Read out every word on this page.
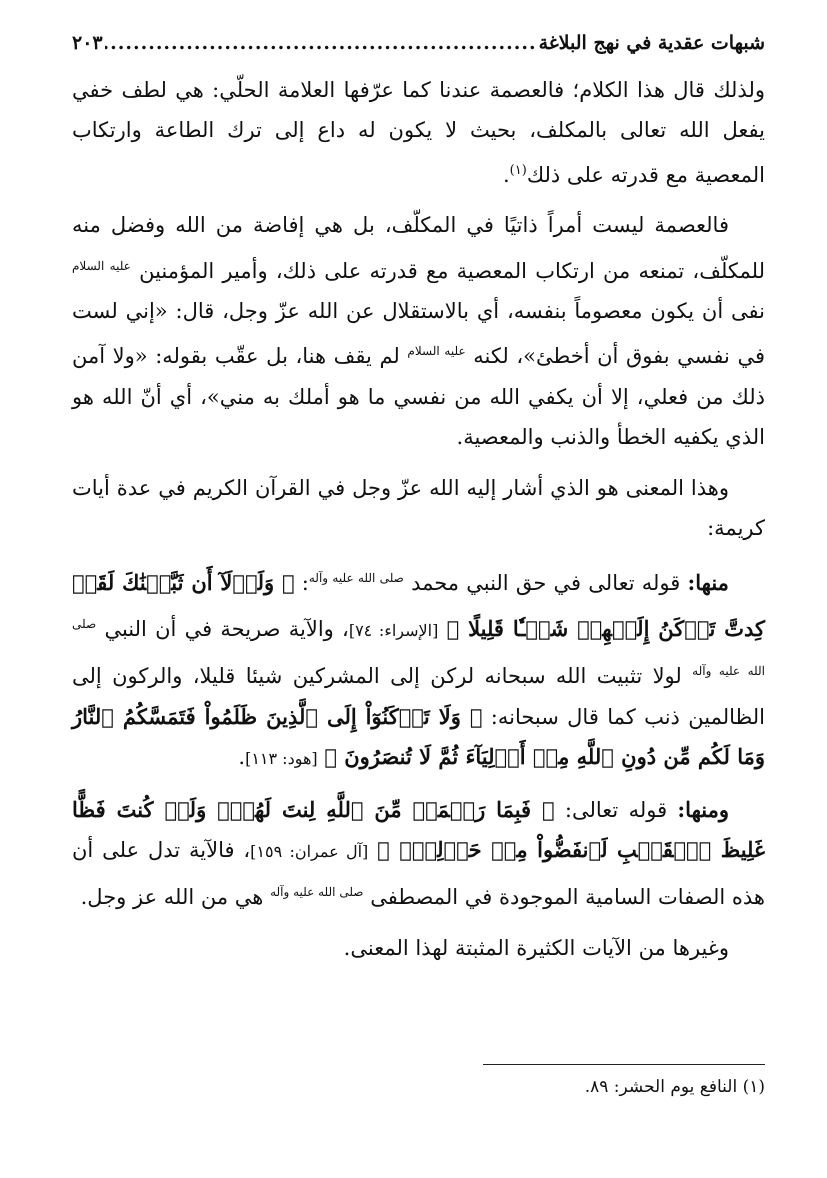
شبهات عقدية في نهج البلاغة
.....
٢٠٣

ولذلك قال هذا الكلام؛ فالعصمة عندنا كما عرّفها العلامة الحلّي: هي لطف خفي يفعل الله تعالى بالمكلف، بحيث لا يكون له داع إلى ترك الطاعة وارتكاب المعصية مع قدرته على ذلك$^{(١)}$.

فالعصمة ليست أمراً ذاتيًا في المكلّف، بل هي إفاضة من الله وفضل منه للمكلّف، تمنعه من ارتكاب المعصية مع قدرته على ذلك، وأمير المؤمنين $^{عليه السلام}$ نفى أن يكون معصوماً بنفسه، أي بالاستقلال عن الله عزّ وجل، قال: «إني لست في نفسي بفوق أن أخطئ»، لكنه $^{عليه السلام}$ لم يقف هنا، بل عقّب بقوله: «ولا آمن ذلك من فعلي، إلا أن يكفي الله من نفسي ما هو أملك به مني»، أي أنّ الله هو الذي يكفيه الخطأ والذنب والمعصية.

وهذا المعنى هو الذي أشار إليه الله عزّ وجل في القرآن الكريم في عدة أيات كريمة:

منها: قوله تعالى في حق النبي محمد $^{صلى الله عليه وآله}$: ﴿ وَلَوۡلَآ أَن ثَبَّتۡنَٰكَ لَقَدۡ كِدتَّ تَرۡكَنُ إِلَيۡهِمۡ شَيۡـٔٗا قَلِيلًا ﴾ [الإسراء: ٧٤]، والآية صريحة في أن النبي $^{صلى الله عليه وآله}$ لولا تثبيت الله سبحانه لركن إلى المشركين شيئا قليلا، والركون إلى الظالمين ذنب كما قال سبحانه: ﴿ وَلَا تَرۡكَنُوٓاْ إِلَى ٱلَّذِينَ ظَلَمُواْ فَتَمَسَّكُمُ ٱلنَّارُ وَمَا لَكُم مِّن دُونِ ٱللَّهِ مِنۡ أَوۡلِيَآءَ ثُمَّ لَا تُنصَرُونَ ﴾ [هود: ١١٣].

ومنها: قوله تعالى: ﴿ فَبِمَا رَحۡمَةٖ مِّنَ ٱللَّهِ لِنتَ لَهُمۡۖ وَلَوۡ كُنتَ فَظًّا غَلِيظَ ٱلۡقَلۡبِ لَٱنفَضُّواْ مِنۡ حَوۡلِكَۖ ﴾ [آل عمران: ١٥٩]، فالآية تدل على أن هذه الصفات السامية الموجودة في المصطفى $^{صلى الله عليه وآله}$ هي من الله عز وجل.

وغيرها من الآيات الكثيرة المثبتة لهذا المعنى.

(١) النافع يوم الحشر: ٨٩.
